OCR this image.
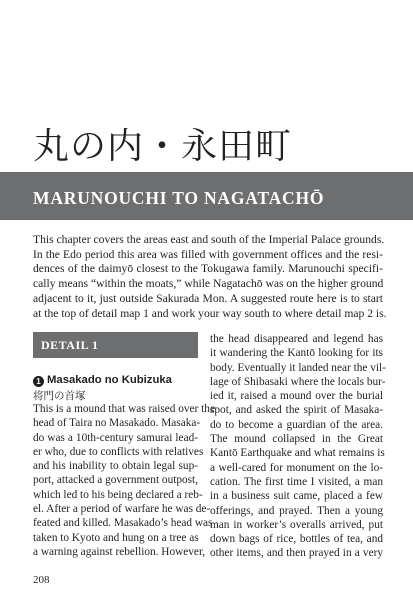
丸の内・永田町
MARUNOUCHI TO NAGATACHŌ
This chapter covers the areas east and south of the Imperial Palace grounds.
In the Edo period this area was filled with government offices and the resi-
dences of the daimyō closest to the Tokugawa family. Marunouchi specifi-
cally means “within the moats,” while Nagatachō was on the higher ground
adjacent to it, just outside Sakurada Mon. A suggested route here is to start
at the top of detail map 1 and work your way south to where detail map 2 is.
DETAIL 1
1 Masakado no Kubizuka
将門の首塚
This is a mound that was raised over the
head of Taira no Masakado. Masaka-
do was a 10th-century samurai lead-
er who, due to conflicts with relatives
and his inability to obtain legal sup-
port, attacked a government outpost,
which led to his being declared a reb-
el. After a period of warfare he was de-
feated and killed. Masakado’s head was
taken to Kyoto and hung on a tree as
a warning against rebellion. However,
the head disappeared and legend has
it wandering the Kantō looking for its
body. Eventually it landed near the vil-
lage of Shibasaki where the locals bur-
ied it, raised a mound over the burial
spot, and asked the spirit of Masaka-
do to become a guardian of the area.
The mound collapsed in the Great
Kantō Earthquake and what remains is
a well-cared for monument on the lo-
cation. The first time I visited, a man
in a business suit came, placed a few
offerings, and prayed. Then a young
man in worker’s overalls arrived, put
down bags of rice, bottles of tea, and
other items, and then prayed in a very
208
